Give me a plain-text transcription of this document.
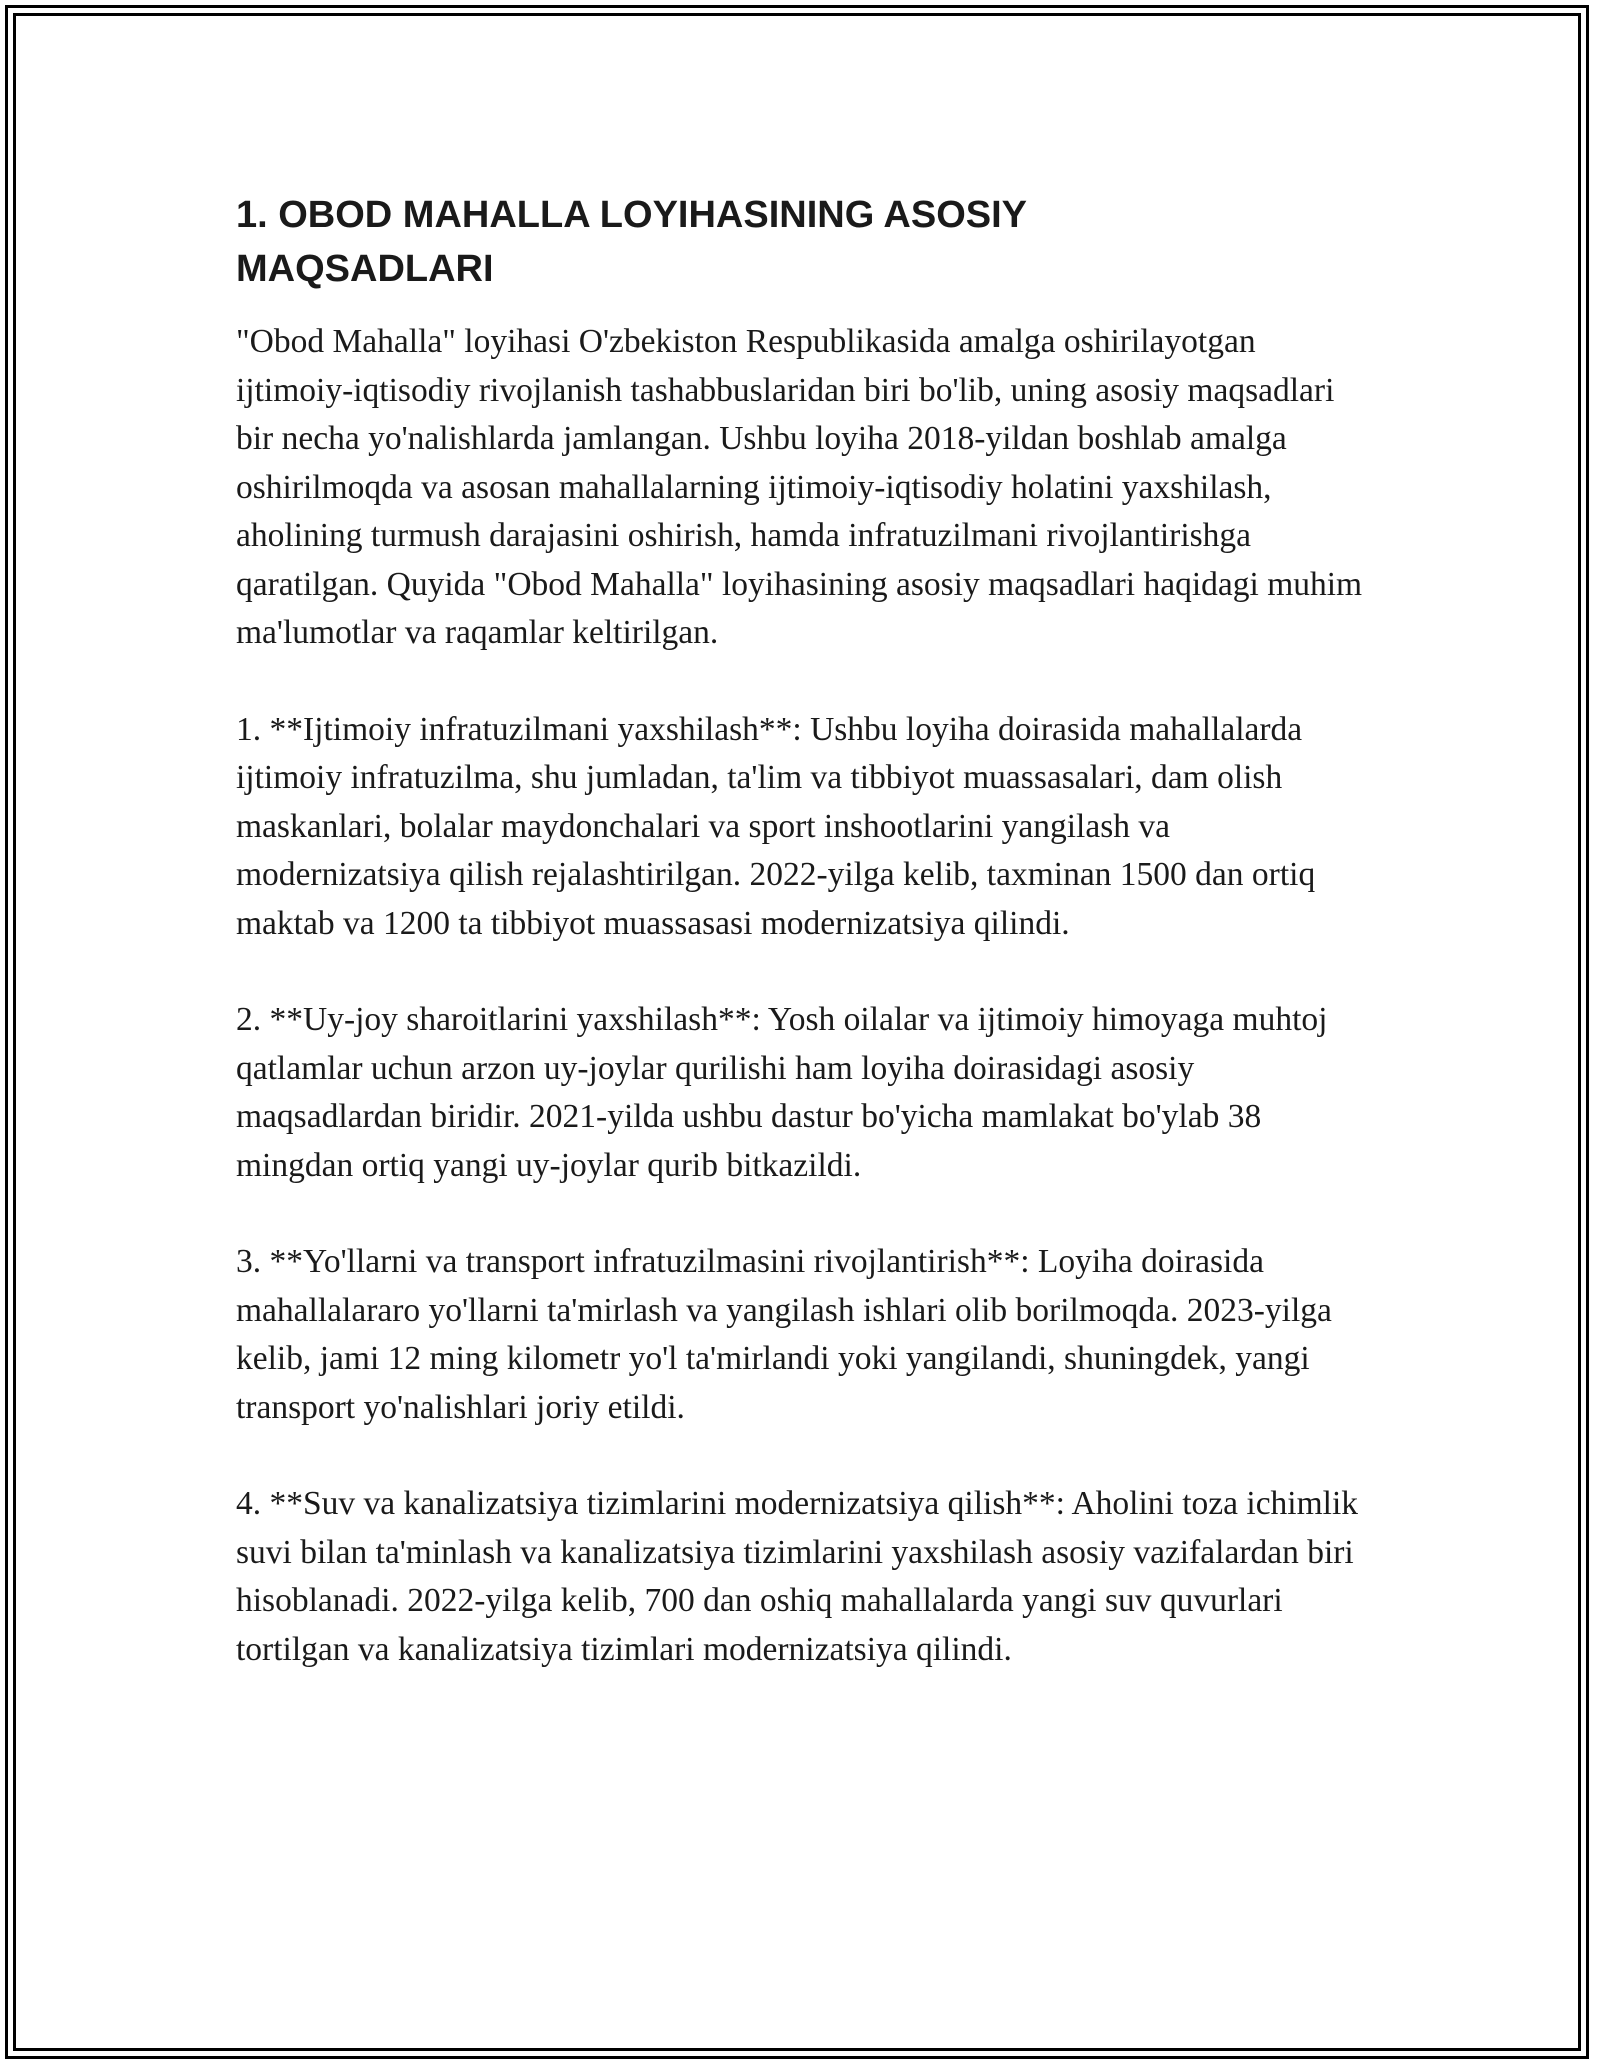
1. OBOD MAHALLA LOYIHASINING ASOSIY MAQSADLARI

"Obod Mahalla" loyihasi O'zbekiston Respublikasida amalga oshirilayotgan ijtimoiy-iqtisodiy rivojlanish tashabbuslaridan biri bo'lib, uning asosiy maqsadlari bir necha yo'nalishlarda jamlangan. Ushbu loyiha 2018-yildan boshlab amalga oshirilmoqda va asosan mahallalarning ijtimoiy-iqtisodiy holatini yaxshilash, aholining turmush darajasini oshirish, hamda infratuzilmani rivojlantirishga qaratilgan. Quyida "Obod Mahalla" loyihasining asosiy maqsadlari haqidagi muhim ma'lumotlar va raqamlar keltirilgan.

1. **Ijtimoiy infratuzilmani yaxshilash**: Ushbu loyiha doirasida mahallalarda ijtimoiy infratuzilma, shu jumladan, ta'lim va tibbiyot muassasalari, dam olish maskanlari, bolalar maydonchalari va sport inshootlarini yangilash va modernizatsiya qilish rejalashtirilgan. 2022-yilga kelib, taxminan 1500 dan ortiq maktab va 1200 ta tibbiyot muassasasi modernizatsiya qilindi.

2. **Uy-joy sharoitlarini yaxshilash**: Yosh oilalar va ijtimoiy himoyaga muhtoj qatlamlar uchun arzon uy-joylar qurilishi ham loyiha doirasidagi asosiy maqsadlardan biridir. 2021-yilda ushbu dastur bo'yicha mamlakat bo'ylab 38 mingdan ortiq yangi uy-joylar qurib bitkazildi.

3. **Yo'llarni va transport infratuzilmasini rivojlantirish**: Loyiha doirasida mahallalararo yo'llarni ta'mirlash va yangilash ishlari olib borilmoqda. 2023-yilga kelib, jami 12 ming kilometr yo'l ta'mirlandi yoki yangilandi, shuningdek, yangi transport yo'nalishlari joriy etildi.

4. **Suv va kanalizatsiya tizimlarini modernizatsiya qilish**: Aholini toza ichimlik suvi bilan ta'minlash va kanalizatsiya tizimlarini yaxshilash asosiy vazifalardan biri hisoblanadi. 2022-yilga kelib, 700 dan oshiq mahallalarda yangi suv quvurlari tortilgan va kanalizatsiya tizimlari modernizatsiya qilindi.
